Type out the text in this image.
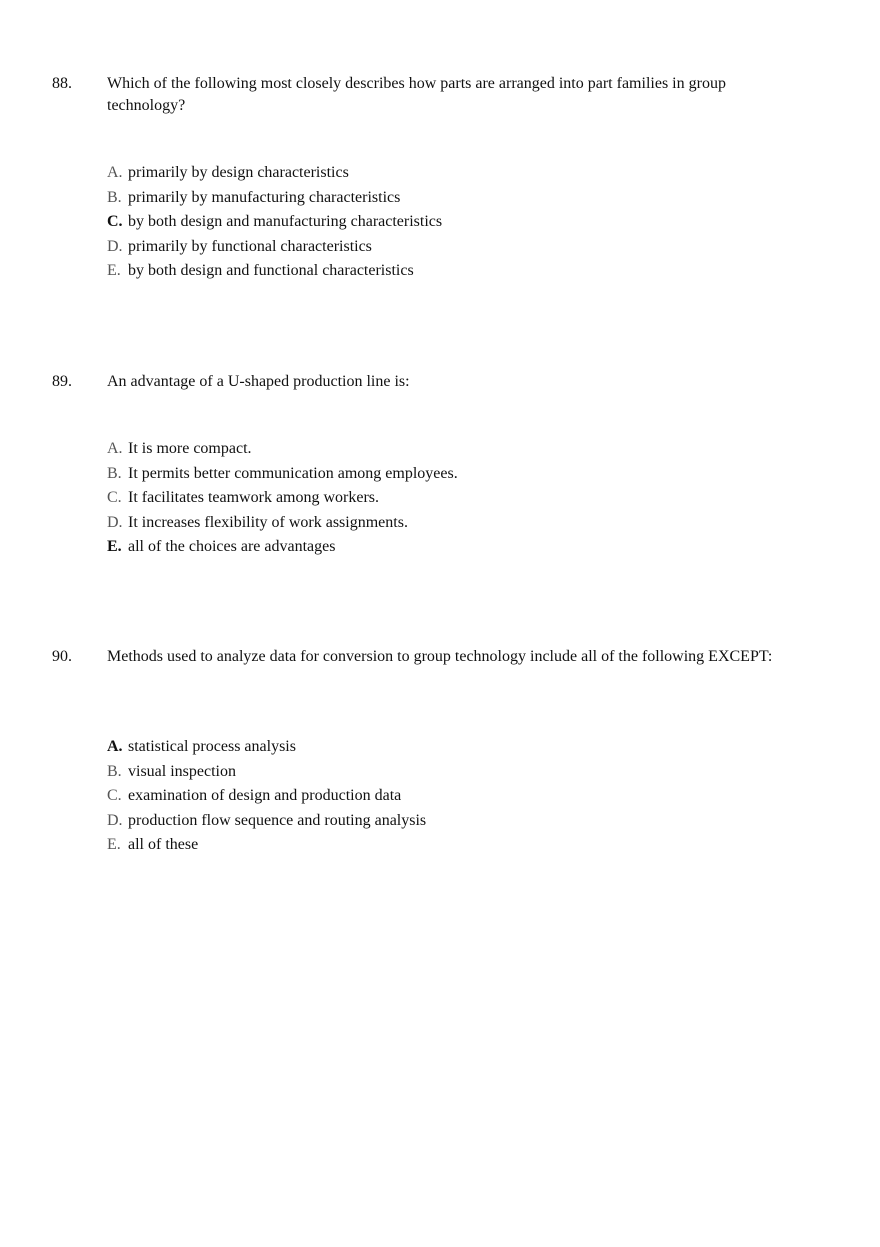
88. Which of the following most closely describes how parts are arranged into part families in group technology?
A. primarily by design characteristics
B. primarily by manufacturing characteristics
C. by both design and manufacturing characteristics
D. primarily by functional characteristics
E. by both design and functional characteristics
89. An advantage of a U-shaped production line is:
A. It is more compact.
B. It permits better communication among employees.
C. It facilitates teamwork among workers.
D. It increases flexibility of work assignments.
E. all of the choices are advantages
90. Methods used to analyze data for conversion to group technology include all of the following EXCEPT:
A. statistical process analysis
B. visual inspection
C. examination of design and production data
D. production flow sequence and routing analysis
E. all of these
